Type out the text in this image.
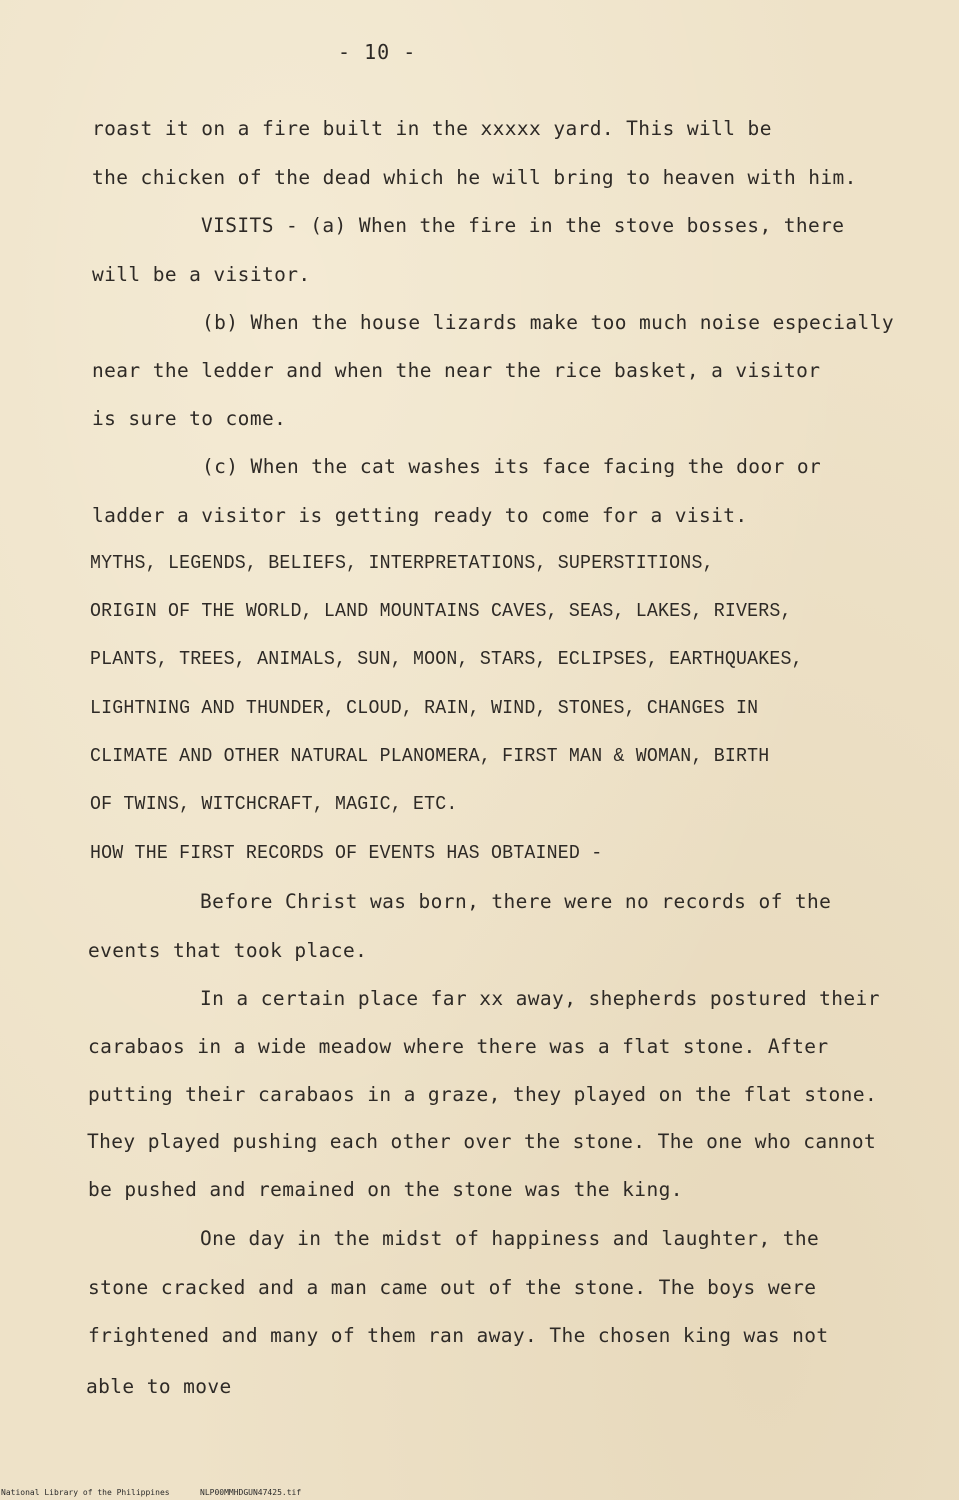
- 10 -
roast it on a fire built in the xxxxx yard. This will be
the chicken of the dead which he will bring to heaven with him.
VISITS - (a) When the fire in the stove bosses, there
will be a visitor.
(b) When the house lizards make too much noise especially
near the ledder and when the near the rice basket, a visitor
is sure to come.
(c) When the cat washes its face facing the door or
ladder a visitor is getting ready to come for a visit.
MYTHS, LEGENDS, BELIEFS, INTERPRETATIONS, SUPERSTITIONS,
ORIGIN OF THE WORLD, LAND MOUNTAINS CAVES, SEAS, LAKES, RIVERS,
PLANTS, TREES, ANIMALS, SUN, MOON, STARS, ECLIPSES, EARTHQUAKES,
LIGHTNING AND THUNDER, CLOUD, RAIN, WIND, STONES, CHANGES IN
CLIMATE AND OTHER NATURAL PLANOMERA, FIRST MAN & WOMAN, BIRTH
OF TWINS, WITCHCRAFT, MAGIC, ETC.
HOW THE FIRST RECORDS OF EVENTS HAS OBTAINED -
Before Christ was born, there were no records of the
events that took place.
In a certain place far xx away, shepherds postured their
carabaos in a wide meadow where there was a flat stone. After
putting their carabaos in a graze, they played on the flat stone.
They played pushing each other over the stone. The one who cannot
be pushed and remained on the stone was the king.
One day in the midst of happiness and laughter, the
stone cracked and a man came out of the stone. The boys were
frightened and many of them ran away. The chosen king was not
able to move
National Library of the Philippines	NLP00MMHDGUN47425.tif
